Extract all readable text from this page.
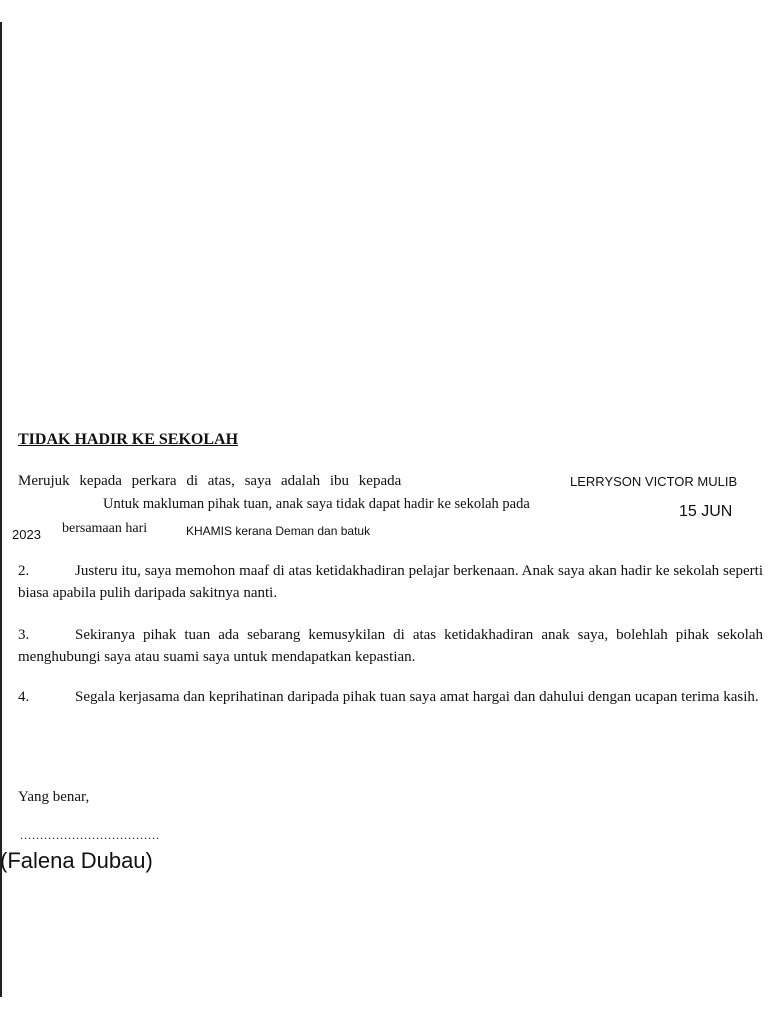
TIDAK HADIR KE SEKOLAH
Merujuk kepada perkara di atas, saya adalah ibu kepada	LERRYSON VICTOR MULIB
Untuk makluman pihak tuan, anak saya tidak dapat hadir ke sekolah pada	15 JUN
2023 bersamaan hari	KHAMIS kerana Deman dan batuk
2.	Justeru itu, saya memohon maaf di atas ketidakhadiran pelajar berkenaan. Anak saya akan hadir ke sekolah seperti biasa apabila pulih daripada sakitnya nanti.
3.	Sekiranya pihak tuan ada sebarang kemusykilan di atas ketidakhadiran anak saya, bolehlah pihak sekolah menghubungi saya atau suami saya untuk mendapatkan kepastian.
4.	Segala kerjasama dan keprihatinan daripada pihak tuan saya amat hargai dan dahului dengan ucapan terima kasih.
Yang benar,
...................................
(Falena Dubau)
